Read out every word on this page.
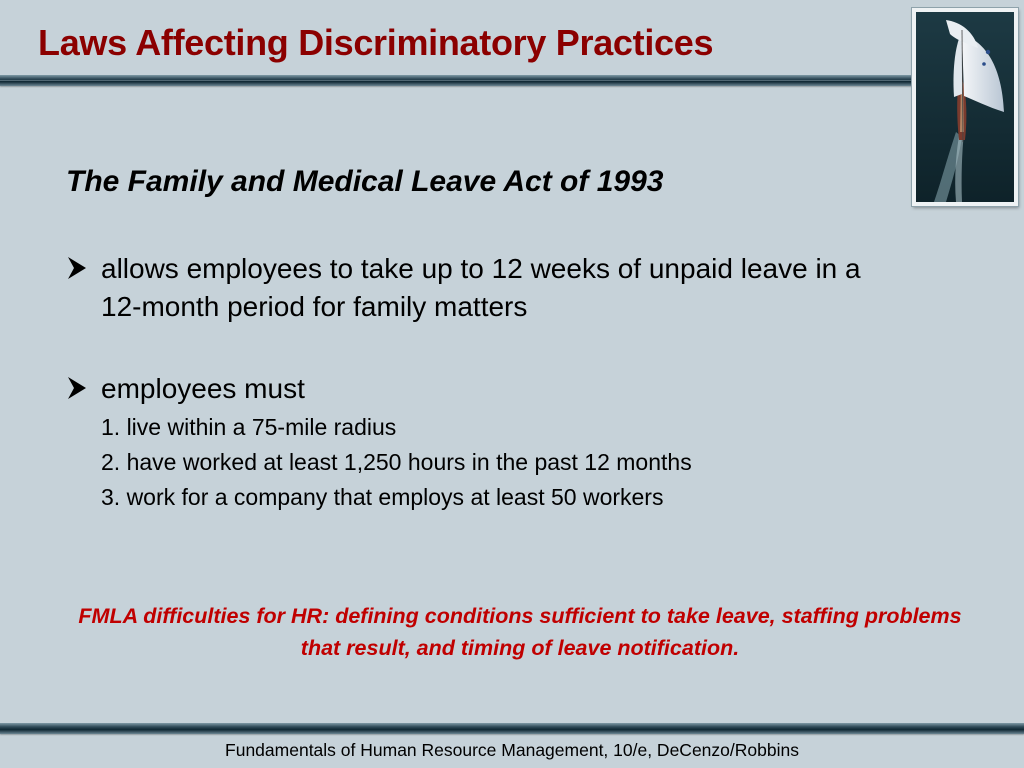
Laws Affecting Discriminatory Practices
The Family and Medical Leave Act of 1993
allows employees to take up to 12 weeks of unpaid leave in a 12-month period for family matters
employees must
1. live within a 75-mile radius
2. have worked at least 1,250 hours in the past 12 months
3. work for a company that employs at least 50 workers
FMLA difficulties for HR: defining conditions sufficient to take leave, staffing problems that result, and timing of leave notification.
Fundamentals of Human Resource Management, 10/e, DeCenzo/Robbins
